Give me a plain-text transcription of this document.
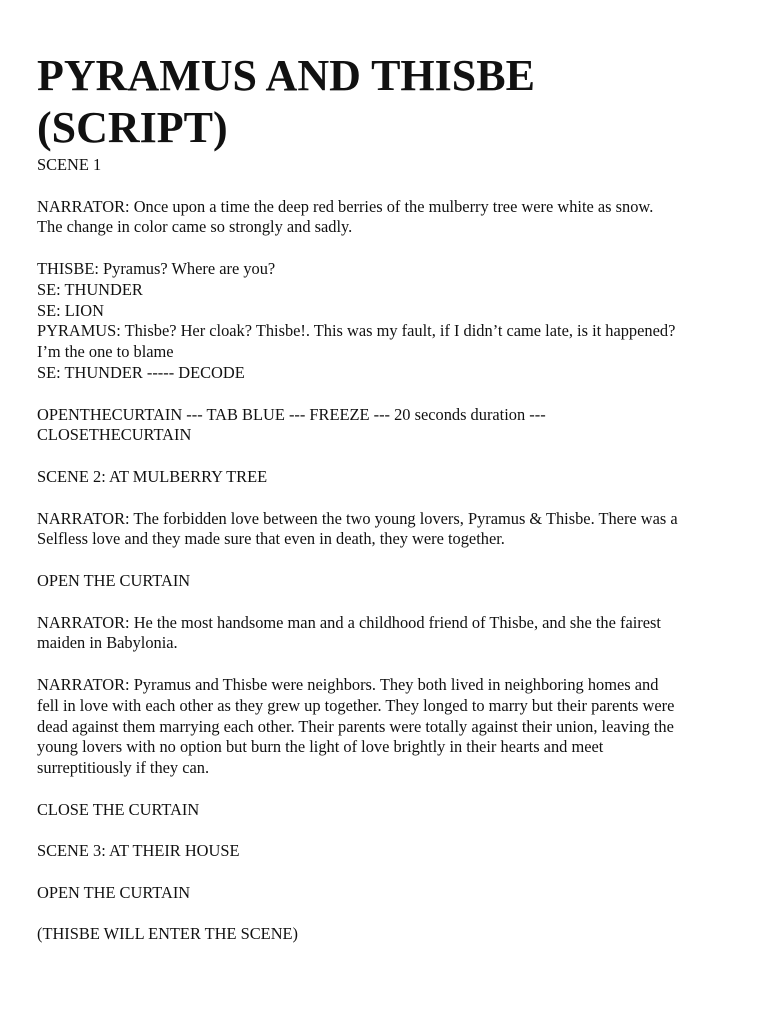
PYRAMUS AND THISBE
(SCRIPT)
SCENE 1
NARRATOR: Once upon a time the deep red berries of the mulberry tree were white as snow.
The change in color came so strongly and sadly.
THISBE: Pyramus? Where are you?
SE: THUNDER
SE: LION
PYRAMUS: Thisbe? Her cloak? Thisbe!. This was my fault, if I didn’t came late, is it happened?
I’m the one to blame
SE: THUNDER ----- DECODE
OPENTHECURTAIN --- TAB BLUE --- FREEZE --- 20 seconds duration ---
CLOSETHECURTAIN
SCENE 2: AT MULBERRY TREE
NARRATOR: The forbidden love between the two young lovers, Pyramus & Thisbe. There was a
Selfless love and they made sure that even in death, they were together.
OPEN THE CURTAIN
NARRATOR: He the most handsome man and a childhood friend of Thisbe, and she the fairest
maiden in Babylonia.
NARRATOR: Pyramus and Thisbe were neighbors. They both lived in neighboring homes and
fell in love with each other as they grew up together. They longed to marry but their parents were
dead against them marrying each other. Their parents were totally against their union, leaving the
young lovers with no option but burn the light of love brightly in their hearts and meet
surreptitiously if they can.
CLOSE THE CURTAIN
SCENE 3: AT THEIR HOUSE
OPEN THE CURTAIN
(THISBE WILL ENTER THE SCENE)
